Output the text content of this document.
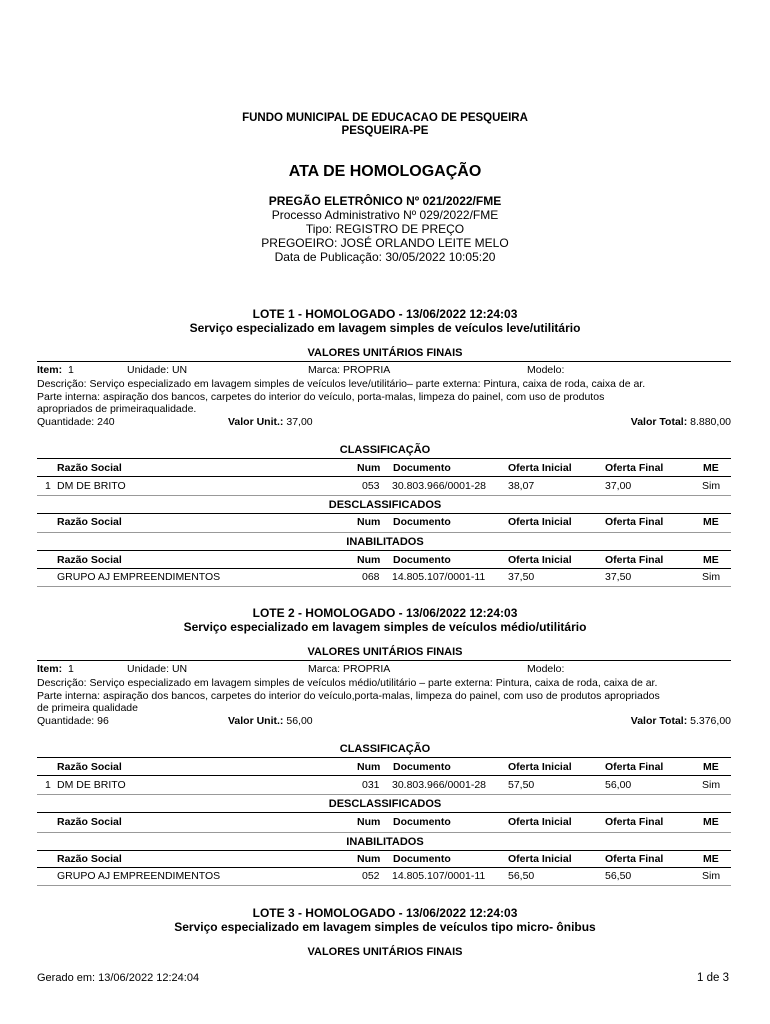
FUNDO MUNICIPAL DE EDUCACAO DE PESQUEIRA
PESQUEIRA-PE
ATA DE HOMOLOGAÇÃO
PREGÃO ELETRÔNICO Nº 021/2022/FME
Processo Administrativo Nº 029/2022/FME
Tipo: REGISTRO DE PREÇO
PREGOEIRO: JOSÉ ORLANDO LEITE MELO
Data de Publicação: 30/05/2022 10:05:20
LOTE 1 - HOMOLOGADO - 13/06/2022 12:24:03
Serviço especializado em lavagem simples de veículos leve/utilitário
VALORES UNITÁRIOS FINAIS
Item: 1	Unidade: UN	Marca: PROPRIA	Modelo:
Descrição: Serviço especializado em lavagem simples de veículos leve/utilitário– parte externa: Pintura, caixa de roda, caixa de ar.
Parte interna: aspiração dos bancos, carpetes do interior do veículo, porta-malas, limpeza do painel, com uso de produtos
apropriados de primeiraqualidade.
Quantidade: 240	Valor Unit.: 37,00	Valor Total: 8.880,00
CLASSIFICAÇÃO
Razão Social	Num Documento	Oferta Inicial	Oferta Final	ME
1 DM DE BRITO	053 30.803.966/0001-28 38,07	37,00	Sim
DESCLASSIFICADOS
Razão Social	Num Documento	Oferta Inicial	Oferta Final	ME
INABILITADOS
Razão Social	Num Documento	Oferta Inicial	Oferta Final	ME
GRUPO AJ EMPREENDIMENTOS	068 14.805.107/0001-11 37,50	37,50	Sim
LOTE 2 - HOMOLOGADO - 13/06/2022 12:24:03
Serviço especializado em lavagem simples de veículos médio/utilitário
VALORES UNITÁRIOS FINAIS
Item: 1	Unidade: UN	Marca: PROPRIA	Modelo:
Descrição: Serviço especializado em lavagem simples de veículos médio/utilitário – parte externa: Pintura, caixa de roda, caixa de ar.
Parte interna: aspiração dos bancos, carpetes do interior do veículo,porta-malas, limpeza do painel, com uso de produtos apropriados
de primeira qualidade
Quantidade: 96	Valor Unit.: 56,00	Valor Total: 5.376,00
CLASSIFICAÇÃO
Razão Social	Num Documento	Oferta Inicial	Oferta Final	ME
1 DM DE BRITO	031 30.803.966/0001-28 57,50	56,00	Sim
DESCLASSIFICADOS
Razão Social	Num Documento	Oferta Inicial	Oferta Final	ME
INABILITADOS
Razão Social	Num Documento	Oferta Inicial	Oferta Final	ME
GRUPO AJ EMPREENDIMENTOS	052 14.805.107/0001-11 56,50	56,50	Sim
LOTE 3 - HOMOLOGADO - 13/06/2022 12:24:03
Serviço especializado em lavagem simples de veículos tipo micro- ônibus
VALORES UNITÁRIOS FINAIS
Gerado em: 13/06/2022 12:24:04	1 de 3
